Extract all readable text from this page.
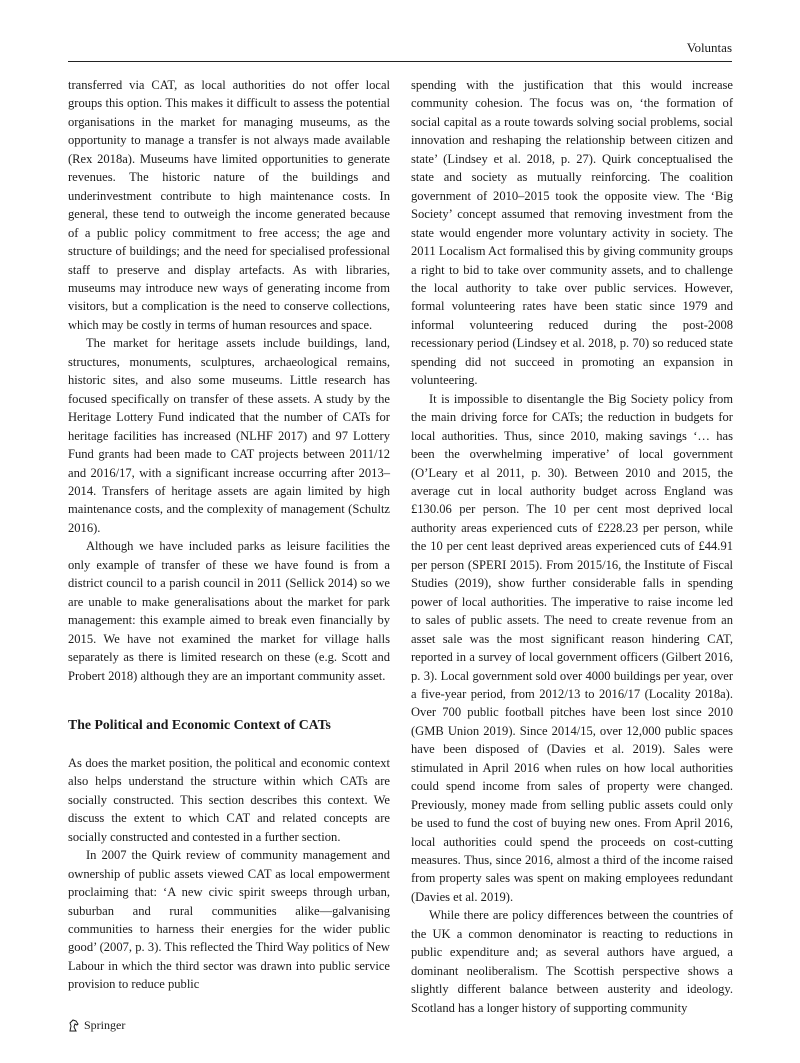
Voluntas

transferred via CAT, as local authorities do not offer local groups this option. This makes it difficult to assess the potential organisations in the market for managing museums, as the opportunity to manage a transfer is not always made available (Rex 2018a). Museums have limited opportunities to generate revenues. The historic nature of the buildings and underinvestment contribute to high maintenance costs. In general, these tend to outweigh the income generated because of a public policy commitment to free access; the age and structure of buildings; and the need for specialised professional staff to preserve and display artefacts. As with libraries, museums may introduce new ways of generating income from visitors, but a complication is the need to conserve collections, which may be costly in terms of human resources and space.

The market for heritage assets include buildings, land, structures, monuments, sculptures, archaeological remains, historic sites, and also some museums. Little research has focused specifically on transfer of these assets. A study by the Heritage Lottery Fund indicated that the number of CATs for heritage facilities has increased (NLHF 2017) and 97 Lottery Fund grants had been made to CAT projects between 2011/12 and 2016/17, with a significant increase occurring after 2013–2014. Transfers of heritage assets are again limited by high maintenance costs, and the complexity of management (Schultz 2016).

Although we have included parks as leisure facilities the only example of transfer of these we have found is from a district council to a parish council in 2011 (Sellick 2014) so we are unable to make generalisations about the market for park management: this example aimed to break even financially by 2015. We have not examined the market for village halls separately as there is limited research on these (e.g. Scott and Probert 2018) although they are an important community asset.

The Political and Economic Context of CATs

As does the market position, the political and economic context also helps understand the structure within which CATs are socially constructed. This section describes this context. We discuss the extent to which CAT and related concepts are socially constructed and contested in a further section.

In 2007 the Quirk review of community management and ownership of public assets viewed CAT as local empowerment proclaiming that: ‘A new civic spirit sweeps through urban, suburban and rural communities alike—galvanising communities to harness their energies for the wider public good’ (2007, p. 3). This reflected the Third Way politics of New Labour in which the third sector was drawn into public service provision to reduce public

spending with the justification that this would increase community cohesion. The focus was on, ‘the formation of social capital as a route towards solving social problems, social innovation and reshaping the relationship between citizen and state’ (Lindsey et al. 2018, p. 27). Quirk conceptualised the state and society as mutually reinforcing. The coalition government of 2010–2015 took the opposite view. The ‘Big Society’ concept assumed that removing investment from the state would engender more voluntary activity in society. The 2011 Localism Act formalised this by giving community groups a right to bid to take over community assets, and to challenge the local authority to take over public services. However, formal volunteering rates have been static since 1979 and informal volunteering reduced during the post-2008 recessionary period (Lindsey et al. 2018, p. 70) so reduced state spending did not succeed in promoting an expansion in volunteering.

It is impossible to disentangle the Big Society policy from the main driving force for CATs; the reduction in budgets for local authorities. Thus, since 2010, making savings ‘… has been the overwhelming imperative’ of local government (O’Leary et al 2011, p. 30). Between 2010 and 2015, the average cut in local authority budget across England was £130.06 per person. The 10 per cent most deprived local authority areas experienced cuts of £228.23 per person, while the 10 per cent least deprived areas experienced cuts of £44.91 per person (SPERI 2015). From 2015/16, the Institute of Fiscal Studies (2019), show further considerable falls in spending power of local authorities. The imperative to raise income led to sales of public assets. The need to create revenue from an asset sale was the most significant reason hindering CAT, reported in a survey of local government officers (Gilbert 2016, p. 3). Local government sold over 4000 buildings per year, over a five-year period, from 2012/13 to 2016/17 (Locality 2018a). Over 700 public football pitches have been lost since 2010 (GMB Union 2019). Since 2014/15, over 12,000 public spaces have been disposed of (Davies et al. 2019). Sales were stimulated in April 2016 when rules on how local authorities could spend income from sales of property were changed. Previously, money made from selling public assets could only be used to fund the cost of buying new ones. From April 2016, local authorities could spend the proceeds on cost-cutting measures. Thus, since 2016, almost a third of the income raised from property sales was spent on making employees redundant (Davies et al. 2019).

While there are policy differences between the countries of the UK a common denominator is reacting to reductions in public expenditure and; as several authors have argued, a dominant neoliberalism. The Scottish perspective shows a slightly different balance between austerity and ideology. Scotland has a longer history of supporting community

Springer
